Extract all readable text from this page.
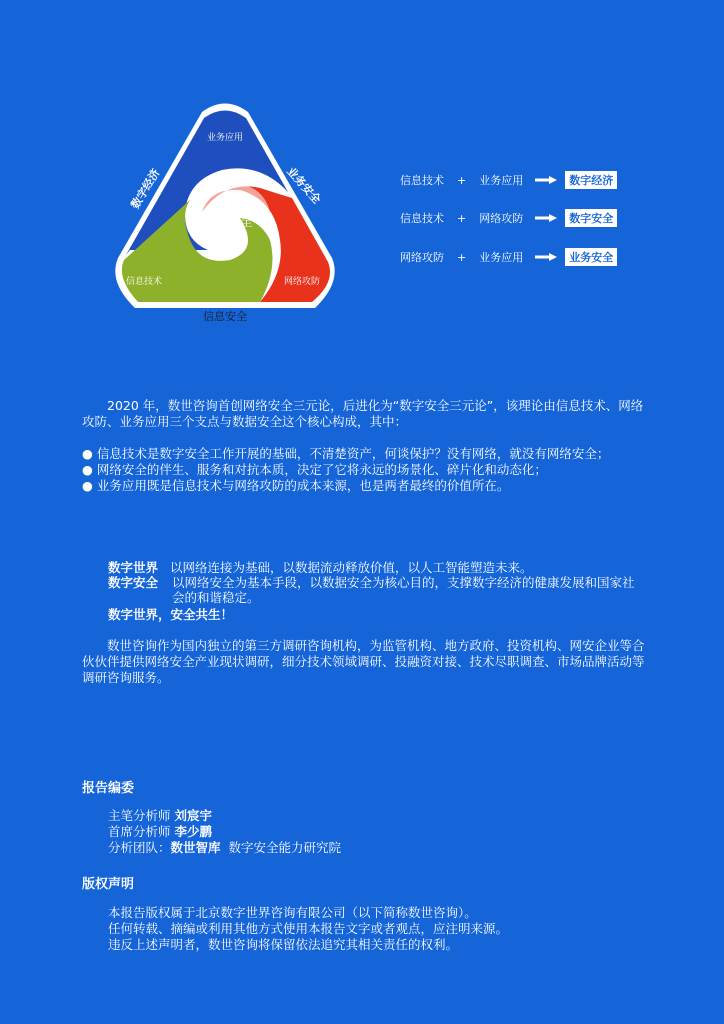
数据安全
业务应用
信息技术	网络攻防
数字经济	业务安全
信息安全
信息技术 + 业务应用	数字经济
信息技术 + 网络攻防	数字安全
网络攻防 + 业务应用	业务安全
2020 年，数世咨询首创网络安全三元论，后进化为“数字安全三元论”，该理论由信息技术、网络攻防、业务应用三个支点与数据安全这个核心构成，其中：

● 信息技术是数字安全工作开展的基础，不清楚资产，何谈保护？没有网络，就没有网络安全；

● 网络安全的伴生、服务和对抗本质，决定了它将永远的场景化、碎片化和动态化；

● 业务应用既是信息技术与网络攻防的成本来源，也是两者最终的价值所在。

数字世界 以网络连接为基础，以数据流动释放价值，以人工智能塑造未来。
数字安全 以网络安全为基本手段，以数据安全为核心目的，支撑数字经济的健康发展和国家社会的和谐稳定。
数字世界，安全共生！
数世咨询作为国内独立的第三方调研咨询机构，为监管机构、地方政府、投资机构、网安企业等合伙伙伴提供网络安全产业现状调研，细分技术领域调研、投融资对接、技术尽职调查、市场品牌活动等调研咨询服务。
报告编委
主笔分析师 刘宸宇
首席分析师 李少鹏
分析团队：数世智库 数字安全能力研究院
版权声明
本报告版权属于北京数字世界咨询有限公司（以下简称数世咨询）。
任何转载、摘编或利用其他方式使用本报告文字或者观点，应注明来源。
违反上述声明者，数世咨询将保留依法追究其相关责任的权利。
